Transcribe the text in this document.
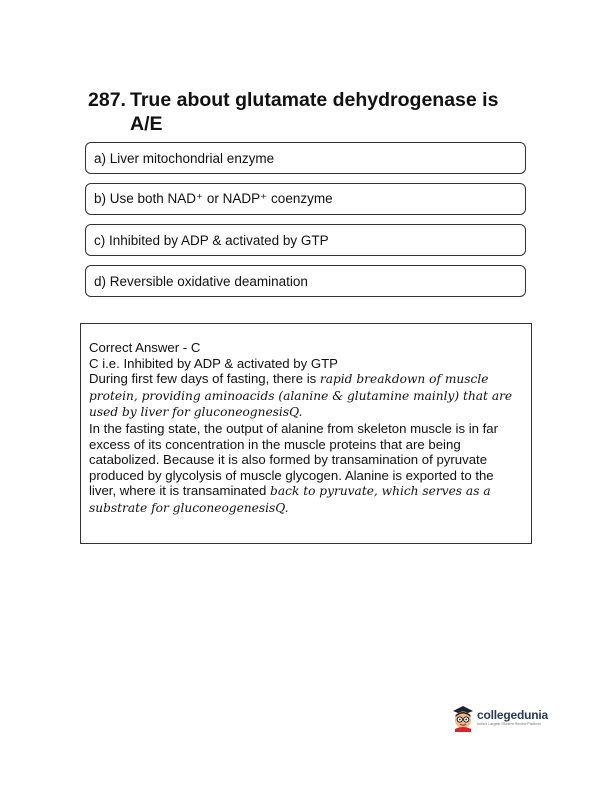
287. True about glutamate dehydrogenase is
A/E
a) Liver mitochondrial enzyme
b) Use both NAD⁺ or NADP⁺ coenzyme
c) Inhibited by ADP & activated by GTP
d) Reversible oxidative deamination

Correct Answer - C

C i.e. Inhibited by ADP & activated by GTP

During first few days of fasting, there is rapid breakdown of muscle protein, providing aminoacids (alanine & glutamine mainly) that are used by liver for gluconeognesisQ.

In the fasting state, the output of alanine from skeleton muscle is in far excess of its concentration in the muscle proteins that are being catabolized. Because it is also formed by transamination of pyruvate produced by glycolysis of muscle glycogen. Alanine is exported to the liver, where it is transaminated back to pyruvate, which serves as a substrate for gluconeogenesisQ.

collegedunia
India's Largest Student Review Platform
